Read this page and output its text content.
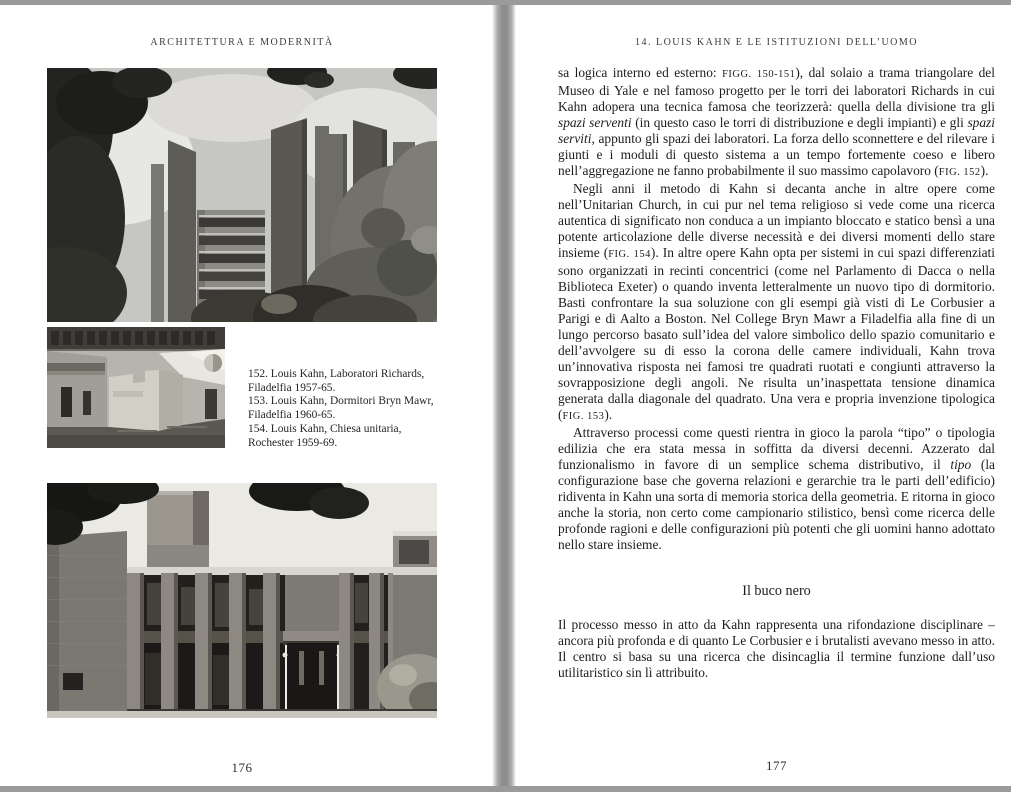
ARCHITETTURA E MODERNITÀ

152. Louis Kahn, Laboratori Richards, Filadelfia 1957-65.

153. Louis Kahn, Dormitori Bryn Mawr, Filadelfia 1960-65.

154. Louis Kahn, Chiesa unitaria, Rochester 1959-69.

176
14. LOUIS KAHN E LE ISTITUZIONI DELL’UOMO

sa logica interno ed esterno: FIGG. 150-151), dal solaio a trama triangolare del Museo di Yale e nel famoso progetto per le torri dei laboratori Richards in cui Kahn adopera una tecnica famosa che teorizzerà: quella della divisione tra gli spazi serventi (in questo caso le torri di distribuzione e degli impianti) e gli spazi serviti, appunto gli spazi dei laboratori. La forza dello sconnettere e del rilevare i giunti e i moduli di questo sistema a un tempo fortemente coeso e libero nell’aggregazione ne fanno probabilmente il suo massimo capolavoro (FIG. 152).

Negli anni il metodo di Kahn si decanta anche in altre opere come nell’Unitarian Church, in cui pur nel tema religioso si vede come una ricerca autentica di significato non conduca a un impianto bloccato e statico bensì a una potente articolazione delle diverse necessità e dei diversi momenti dello stare insieme (FIG. 154). In altre opere Kahn opta per sistemi in cui spazi differenziati sono organizzati in recinti concentrici (come nel Parlamento di Dacca o nella Biblioteca Exeter) o quando inventa letteralmente un nuovo tipo di dormitorio. Basti confrontare la sua soluzione con gli esempi già visti di Le Corbusier a Parigi e di Aalto a Boston. Nel College Bryn Mawr a Filadelfia alla fine di un lungo percorso basato sull’idea del valore simbolico dello spazio comunitario e dell’avvolgere su di esso la corona delle camere individuali, Kahn trova un’innovativa risposta nei famosi tre quadrati ruotati e congiunti attraverso la sovrapposizione degli angoli. Ne risulta un’inaspettata tensione dinamica generata dalla diagonale del quadrato. Una vera e propria invenzione tipologica (FIG. 153).

Attraverso processi come questi rientra in gioco la parola “tipo” o tipologia edilizia che era stata messa in soffitta da diversi decenni. Azzerato dal funzionalismo in favore di un semplice schema distributivo, il tipo (la configurazione base che governa relazioni e gerarchie tra le parti dell’edificio) ridiventa in Kahn una sorta di memoria storica della geometria. E ritorna in gioco anche la storia, non certo come campionario stilistico, bensì come ricerca delle profonde ragioni e delle configurazioni più potenti che gli uomini hanno adottato nello stare insieme.

Il buco nero

Il processo messo in atto da Kahn rappresenta una rifondazione disciplinare – ancora più profonda e di quanto Le Corbusier e i brutalisti avevano messo in atto. Il centro si basa su una ricerca che disincaglia il termine funzione dall’uso utilitaristico sin lì attribuito.

177
